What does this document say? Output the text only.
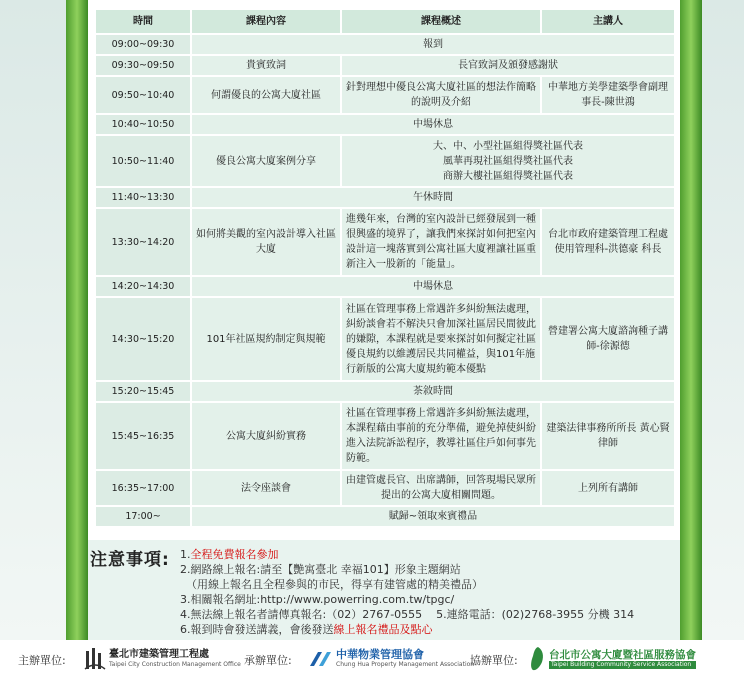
時間	課程內容	課程概述	主講人
09:00~09:30	報到		
09:30~09:50	貴賓致詞	長官致詞及頒發感謝狀	
09:50~10:40	何謂優良的公寓大廈社區	針對理想中優良公寓大廈社區的想法作簡略的說明及介紹	中華地方美學建築學會副理事長-陳世鴻
10:40~10:50	中場休息		
10:50~11:40	優良公寓大廈案例分享	大、中、小型社區組得獎社區代表
風華再現社區組得獎社區代表
商辦大樓社區組得獎社區代表	

11:40~13:30	午休時間		
13:30~14:20	如何將美觀的室內設計導入社區大廈	進幾年來，台灣的室內設計已經發展到一種很興盛的境界了，讓我們來探討如何把室內設計這一塊落實到公寓社區大廈裡讓社區重新注入一股新的「能量」。	台北市政府建築管理工程處使用管理科-洪德豪 科長
14:20~14:30	中場休息		
14:30~15:20	101年社區規約制定與規範	社區在管理事務上常遇許多糾紛無法處理，糾紛談會若不解決只會加深社區居民間彼此的嫌隙，本課程就是要來探討如何擬定社區優良規約以維護居民共同權益，與101年施行新版的公寓大廈規約範本優點	營建署公寓大廈諮詢種子講師-徐源德
15:20~15:45	茶敘時間		
15:45~16:35	公寓大廈糾紛實務	社區在管理事務上常遇許多糾紛無法處理，本課程藉由事前的充分準備，避免掉使糾紛進入法院訴訟程序，教導社區住戶如何事先防範。	建築法律事務所所長 黃心賢律師
16:35~17:00	法令座談會	由建管處長官、出席講師，回答現場民眾所提出的公寓大廈相關問題。	上列所有講師
17:00~	賦歸~領取來賓禮品		
注意事項: 1.全程免費報名參加
2.網路線上報名:請至【艷寓臺北 幸福101】形象主題網站
（用線上報名且全程參與的市民，得享有建管處的精美禮品）
3.相關報名網址:http://www.powerring.com.tw/tpgc/
4.無法線上報名者請傳真報名:（02）2767-0555    5.連絡電話：(02)2768-3955 分機 314
6.報到時會發送講義，會後發送線上報名禮品及點心
主辦單位:	臺北市建築管理工程處
Taipei City Construction Management Office 承辦單位:	中華物業管理協會
Chung Hua Property Management Association
協辦單位:	台北市公寓大廈暨社區服務協會
Taipei Building Community Service Association
